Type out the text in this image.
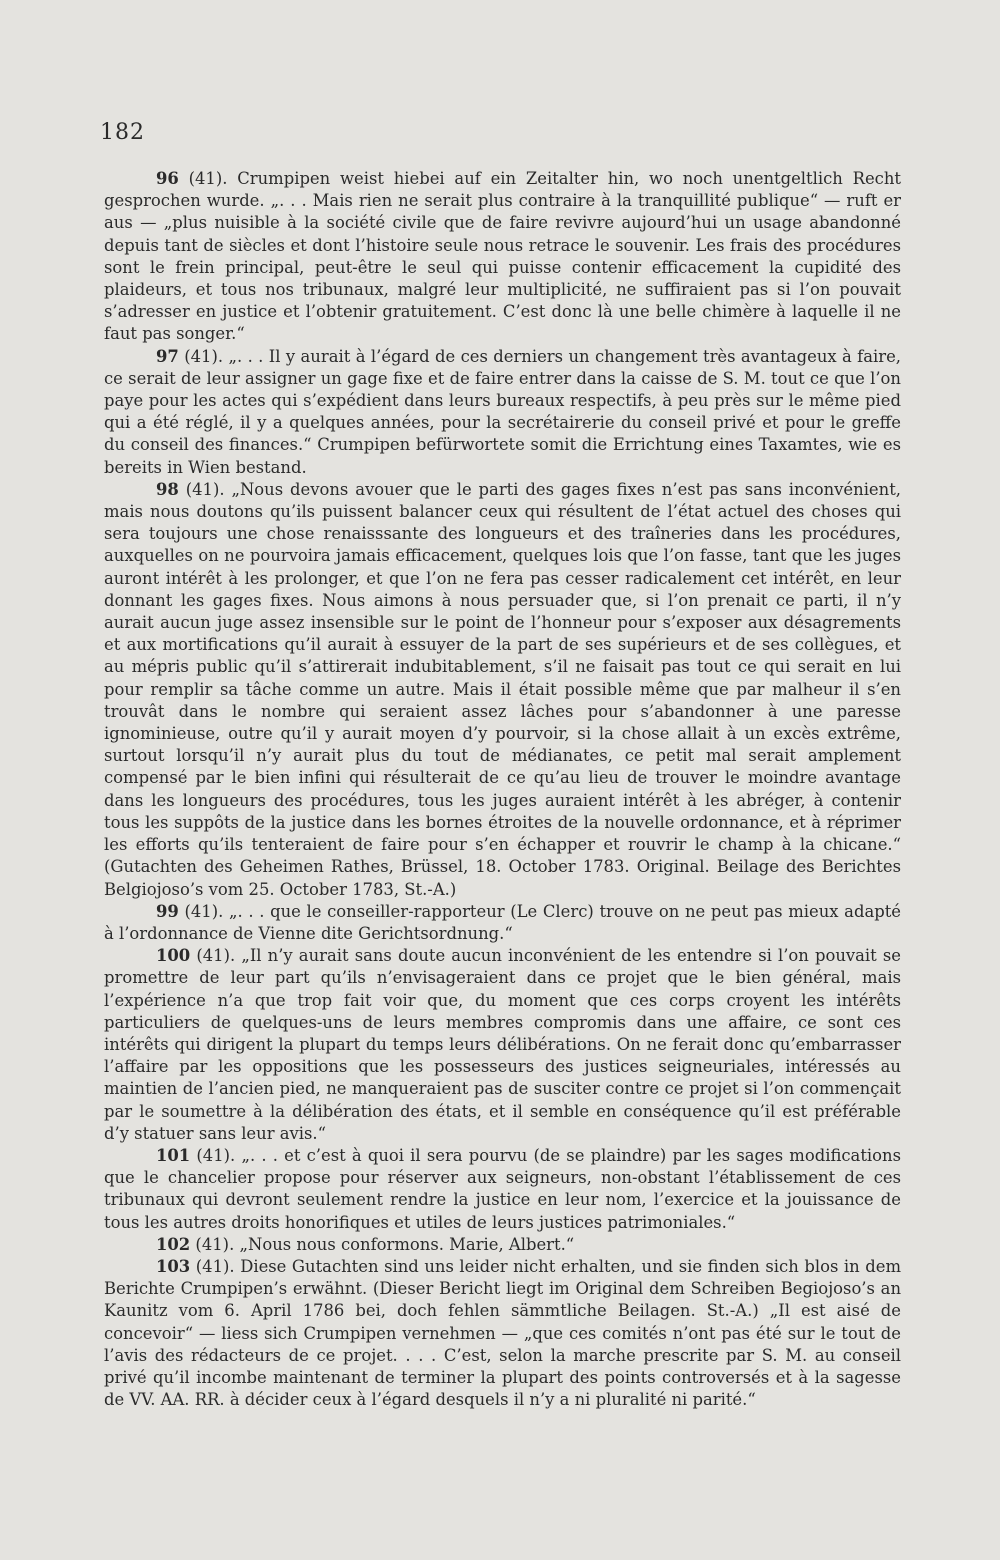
182

96 (41). Crumpipen weist hiebei auf ein Zeitalter hin, wo noch unentgeltlich Recht gesprochen wurde. „. . . Mais rien ne serait plus contraire à la tranquillité publique“ — ruft er aus — „plus nuisible à la société civile que de faire revivre aujourd’hui un usage abandonné depuis tant de siècles et dont l’histoire seule nous retrace le souvenir. Les frais des procédures sont le frein principal, peut-être le seul qui puisse contenir efficacement la cupidité des plaideurs, et tous nos tribunaux, malgré leur multiplicité, ne suffiraient pas si l’on pouvait s’adresser en justice et l’obtenir gratuitement. C’est donc là une belle chimère à laquelle il ne faut pas songer.“

97 (41). „. . . Il y aurait à l’égard de ces derniers un changement très avantageux à faire, ce serait de leur assigner un gage fixe et de faire entrer dans la caisse de S. M. tout ce que l’on paye pour les actes qui s’expédient dans leurs bureaux respectifs, à peu près sur le même pied qui a été réglé, il y a quelques années, pour la secrétairerie du conseil privé et pour le greffe du conseil des finances.“ Crumpipen befürwortete somit die Errichtung eines Taxamtes, wie es bereits in Wien bestand.

98 (41). „Nous devons avouer que le parti des gages fixes n’est pas sans inconvénient, mais nous doutons qu’ils puissent balancer ceux qui résultent de l’état actuel des choses qui sera toujours une chose renaisssante des longueurs et des traîneries dans les procédures, auxquelles on ne pourvoira jamais efficacement, quelques lois que l’on fasse, tant que les juges auront intérêt à les prolonger, et que l’on ne fera pas cesser radicalement cet intérêt, en leur donnant les gages fixes. Nous aimons à nous persuader que, si l’on prenait ce parti, il n’y aurait aucun juge assez insensible sur le point de l’honneur pour s’exposer aux désagrements et aux mortifications qu’il aurait à essuyer de la part de ses supérieurs et de ses collègues, et au mépris public qu’il s’attirerait indubitablement, s’il ne faisait pas tout ce qui serait en lui pour remplir sa tâche comme un autre. Mais il était possible même que par malheur il s’en trouvât dans le nombre qui seraient assez lâches pour s’abandonner à une paresse ignominieuse, outre qu’il y aurait moyen d’y pourvoir, si la chose allait à un excès extrême, surtout lorsqu’il n’y aurait plus du tout de médianates, ce petit mal serait amplement compensé par le bien infini qui résulterait de ce qu’au lieu de trouver le moindre avantage dans les longueurs des procédures, tous les juges auraient intérêt à les abréger, à contenir tous les suppôts de la justice dans les bornes étroites de la nouvelle ordonnance, et à réprimer les efforts qu’ils tenteraient de faire pour s’en échapper et rouvrir le champ à la chicane.“ (Gutachten des Geheimen Rathes, Brüssel, 18. October 1783. Original. Beilage des Berichtes Belgiojoso’s vom 25. October 1783, St.-A.)

99 (41). „. . . que le conseiller-rapporteur (Le Clerc) trouve on ne peut pas mieux adapté à l’ordonnance de Vienne dite Gerichtsordnung.“

100 (41). „Il n’y aurait sans doute aucun inconvénient de les entendre si l’on pouvait se promettre de leur part qu’ils n’envisageraient dans ce projet que le bien général, mais l’expérience n’a que trop fait voir que, du moment que ces corps croyent les intérêts particuliers de quelques-uns de leurs membres compromis dans une affaire, ce sont ces intérêts qui dirigent la plupart du temps leurs délibérations. On ne ferait donc qu’embarrasser l’affaire par les oppositions que les possesseurs des justices seigneuriales, intéressés au maintien de l’ancien pied, ne manqueraient pas de susciter contre ce projet si l’on commençait par le soumettre à la délibération des états, et il semble en conséquence qu’il est préférable d’y statuer sans leur avis.“

101 (41). „. . . et c’est à quoi il sera pourvu (de se plaindre) par les sages modifications que le chancelier propose pour réserver aux seigneurs, non-obstant l’établissement de ces tribunaux qui devront seulement rendre la justice en leur nom, l’exercice et la jouissance de tous les autres droits honorifiques et utiles de leurs justices patrimoniales.“

102 (41). „Nous nous conformons. Marie, Albert.“

103 (41). Diese Gutachten sind uns leider nicht erhalten, und sie finden sich blos in dem Berichte Crumpipen’s erwähnt. (Dieser Bericht liegt im Original dem Schreiben Begiojoso’s an Kaunitz vom 6. April 1786 bei, doch fehlen sämmtliche Beilagen. St.-A.) „Il est aisé de concevoir“ — liess sich Crumpipen vernehmen — „que ces comités n’ont pas été sur le tout de l’avis des rédacteurs de ce projet. . . . C’est, selon la marche prescrite par S. M. au conseil privé qu’il incombe maintenant de terminer la plupart des points controversés et à la sagesse de VV. AA. RR. à décider ceux à l’égard desquels il n’y a ni pluralité ni parité.“
